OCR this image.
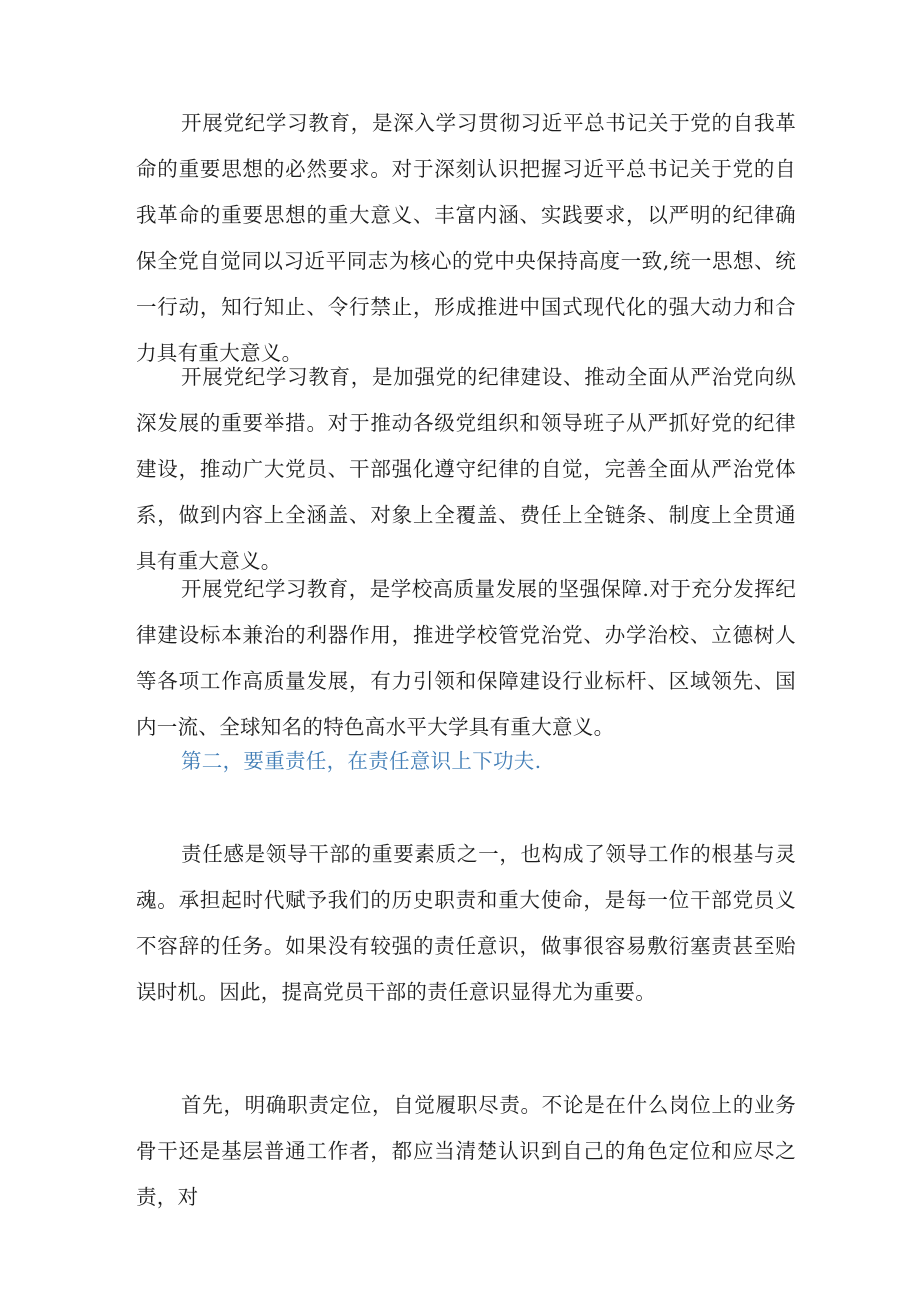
开展党纪学习教育，是深入学习贯彻习近平总书记关于党的自我革命的重要思想的必然要求。对于深刻认识把握习近平总书记关于党的自我革命的重要思想的重大意义、丰富内涵、实践要求，以严明的纪律确保全党自觉同以习近平同志为核心的党中央保持高度一致,统一思想、统一行动，知行知止、令行禁止，形成推进中国式现代化的强大动力和合力具有重大意义。

开展党纪学习教育，是加强党的纪律建设、推动全面从严治党向纵深发展的重要举措。对于推动各级党组织和领导班子从严抓好党的纪律建设，推动广大党员、干部强化遵守纪律的自觉，完善全面从严治党体系，做到内容上全涵盖、对象上全覆盖、费任上全链条、制度上全贯通具有重大意义。

开展党纪学习教育，是学校高质量发展的坚强保障.对于充分发挥纪律建设标本兼治的利器作用，推进学校管党治党、办学治校、立德树人等各项工作高质量发展，有力引领和保障建设行业标杆、区域领先、国内一流、全球知名的特色高水平大学具有重大意义。

第二，要重责任，在责任意识上下功夫.

责任感是领导干部的重要素质之一，也构成了领导工作的根基与灵魂。承担起时代赋予我们的历史职责和重大使命，是每一位干部党员义不容辞的任务。如果没有较强的责任意识，做事很容易敷衍塞责甚至贻误时机。因此，提高党员干部的责任意识显得尤为重要。

首先，明确职责定位，自觉履职尽责。不论是在什么岗位上的业务骨干还是基层普通工作者，都应当清楚认识到自己的角色定位和应尽之责，对
